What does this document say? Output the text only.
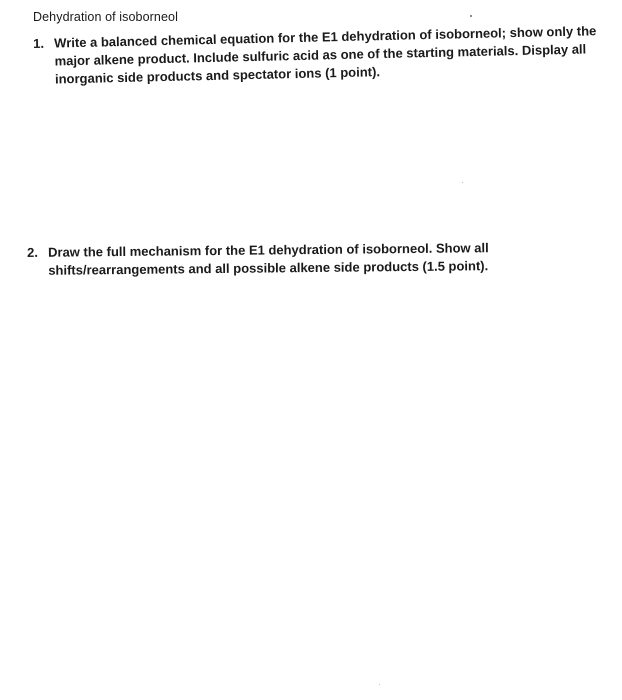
Dehydration of isoborneol
1. Write a balanced chemical equation for the E1 dehydration of isoborneol; show only the major alkene product. Include sulfuric acid as one of the starting materials. Display all inorganic side products and spectator ions (1 point).
2. Draw the full mechanism for the E1 dehydration of isoborneol. Show all shifts/rearrangements and all possible alkene side products (1.5 point).
